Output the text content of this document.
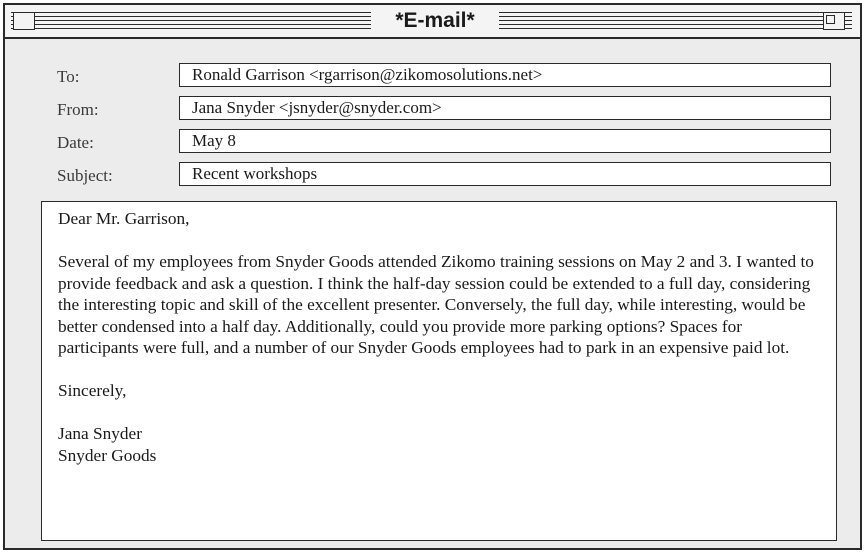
*E-mail*
To:	Ronald Garrison <rgarrison@zikomosolutions.net>
From:	Jana Snyder <jsnyder@snyder.com>
Date:	May 8
Subject:	Recent workshops

Dear Mr. Garrison,

Several of my employees from Snyder Goods attended Zikomo training sessions on May 2 and 3. I wanted to provide feedback and ask a question. I think the half-day session could be extended to a full day, considering the interesting topic and skill of the excellent presenter. Conversely, the full day, while interesting, would be better condensed into a half day. Additionally, could you provide more parking options? Spaces for participants were full, and a number of our Snyder Goods employees had to park in an expensive paid lot.

Sincerely,

Jana Snyder

Snyder Goods
